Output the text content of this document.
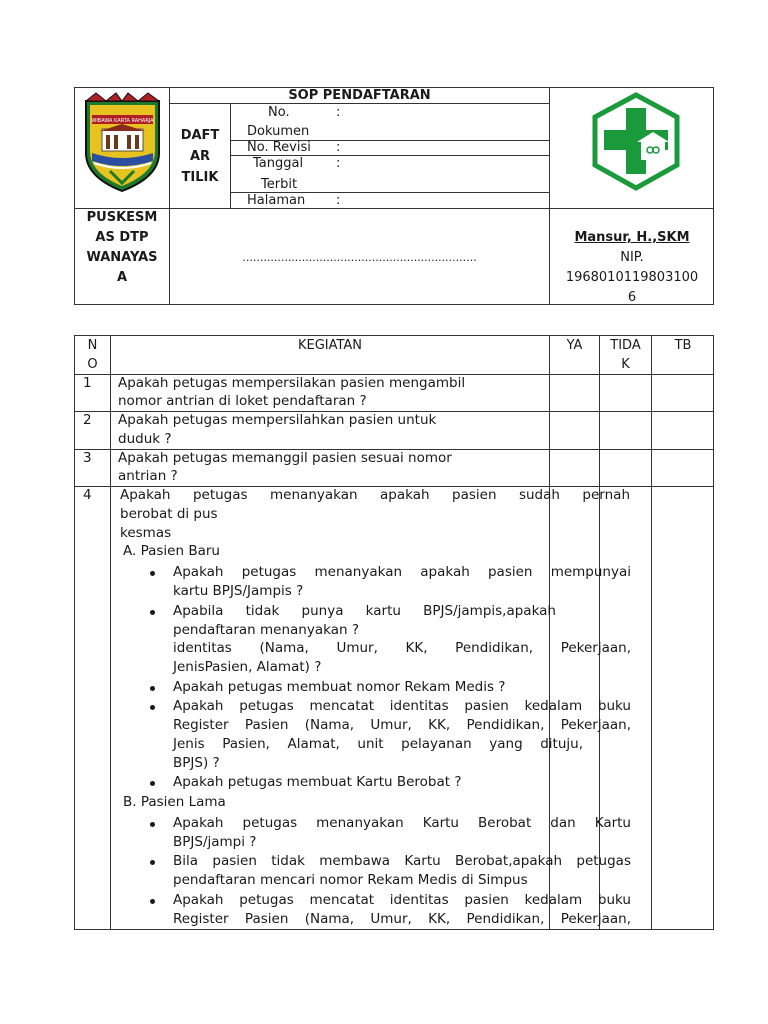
WIBAWA KARTA RAHARJA
SOP PENDAFTARAN
DAFT
AR
TILIK
No.
Dokumen
:
No. Revisi :
Tanggal
Terbit
:
Halaman :
PUSKESM
AS DTP
WANAYAS
A
...................................................................
Mansur, H.,SKM
NIP.
1968010119803100
6
N
O
KEGIATAN	YA	TIDA
K
TB
1 Apakah petugas mempersilakan pasien mengambil
nomor antrian di loket pendaftaran ?
2 Apakah petugas mempersilahkan pasien untuk
duduk ?
3 Apakah petugas memanggil pasien sesuai nomor
antrian ?
4 Apakah petugas menanyakan apakah pasien sudah pernah
berobat di pus
kesmas
A. Pasien Baru
Apakah petugas menanyakan apakah pasien mempunyai
kartu BPJS/Jampis ?
Apabila tidak punya kartu BPJS/jampis,apakah
pendaftaran menanyakan ?
identitas (Nama, Umur, KK, Pendidikan, Pekerjaan,
JenisPasien, Alamat) ?
Apakah petugas membuat nomor Rekam Medis ?
Apakah petugas mencatat identitas pasien kedalam buku
Register Pasien (Nama, Umur, KK, Pendidikan, Pekerjaan,
Jenis Pasien, Alamat, unit pelayanan yang dituju,
BPJS) ?
Apakah petugas membuat Kartu Berobat ?
B. Pasien Lama
Apakah petugas menanyakan Kartu Berobat dan Kartu
BPJS/jampi ?
Bila pasien tidak membawa Kartu Berobat,apakah petugas
pendaftaran mencari nomor Rekam Medis di Simpus
Apakah petugas mencatat identitas pasien kedalam buku
Register Pasien (Nama, Umur, KK, Pendidikan, Pekerjaan,
